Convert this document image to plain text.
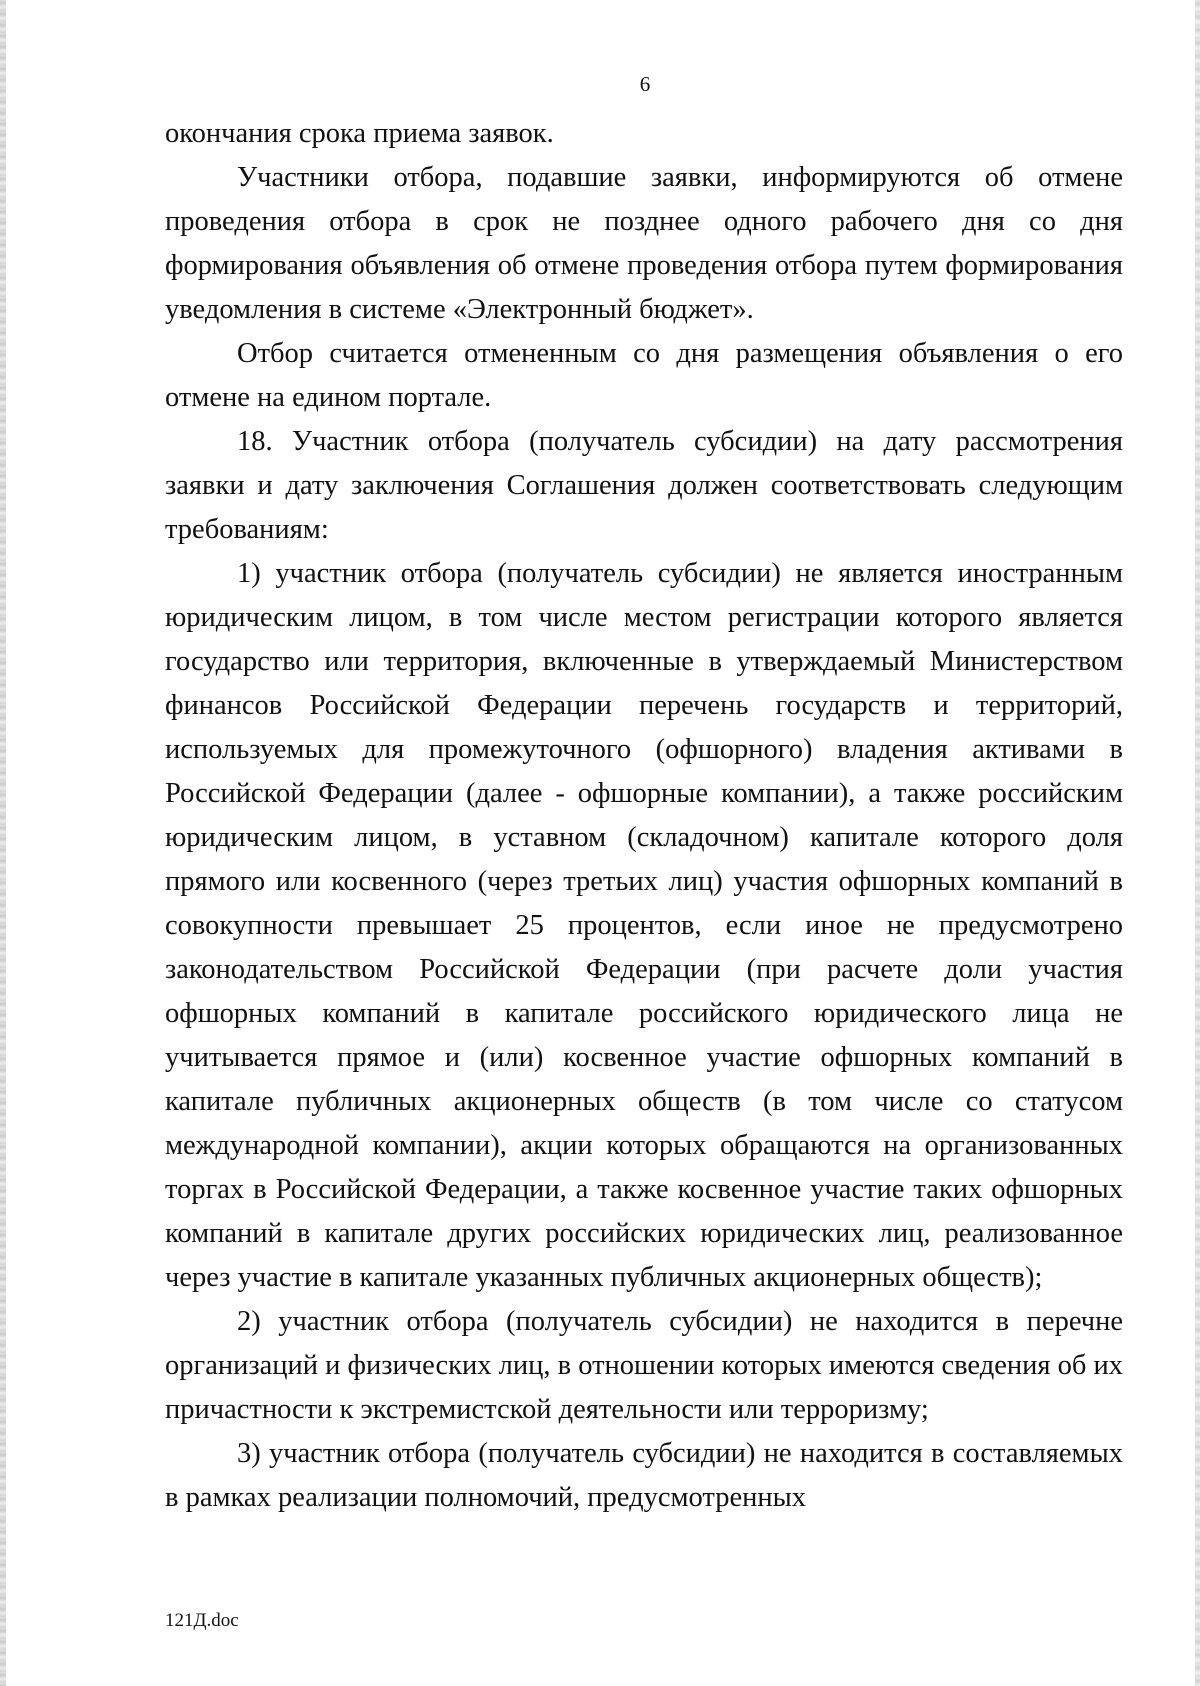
6

окончания срока приема заявок.

Участники отбора, подавшие заявки, информируются об отмене проведения отбора в срок не позднее одного рабочего дня со дня формирования объявления об отмене проведения отбора путем формирования уведомления в системе «Электронный бюджет».

Отбор считается отмененным со дня размещения объявления о его отмене на едином портале.

18. Участник отбора (получатель субсидии) на дату рассмотрения заявки и дату заключения Соглашения должен соответствовать следующим требованиям:

1) участник отбора (получатель субсидии) не является иностранным юридическим лицом, в том числе местом регистрации которого является государство или территория, включенные в утверждаемый Министерством финансов Российской Федерации перечень государств и территорий, используемых для промежуточного (офшорного) владения активами в Российской Федерации (далее - офшорные компании), а также российским юридическим лицом, в уставном (складочном) капитале которого доля прямого или косвенного (через третьих лиц) участия офшорных компаний в совокупности превышает 25 процентов, если иное не предусмотрено законодательством Российской Федерации (при расчете доли участия офшорных компаний в капитале российского юридического лица не учитывается прямое и (или) косвенное участие офшорных компаний в капитале публичных акционерных обществ (в том числе со статусом международной компании), акции которых обращаются на организованных торгах в Российской Федерации, а также косвенное участие таких офшорных компаний в капитале других российских юридических лиц, реализованное через участие в капитале указанных публичных акционерных обществ);

2) участник отбора (получатель субсидии) не находится в перечне организаций и физических лиц, в отношении которых имеются сведения об их причастности к экстремистской деятельности или терроризму;

3) участник отбора (получатель субсидии) не находится в составляемых в рамках реализации полномочий, предусмотренных

121Д.doc
